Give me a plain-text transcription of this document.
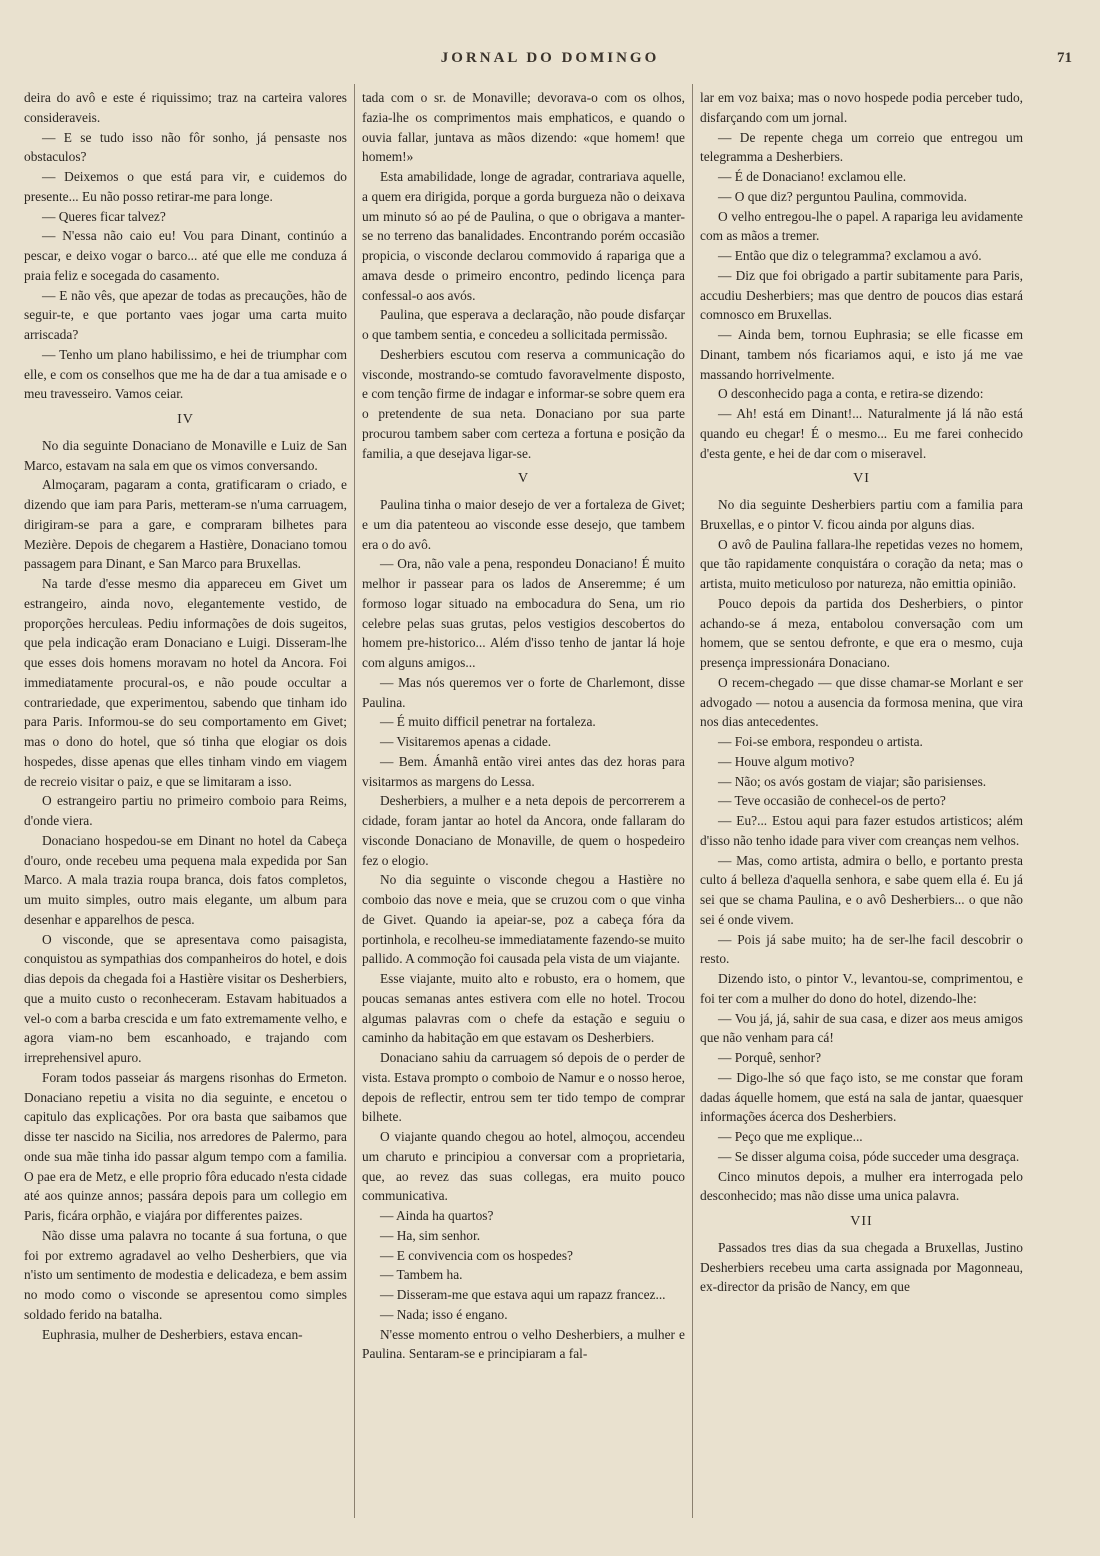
JORNAL DO DOMINGO	71

deira do avô e este é riquissimo; traz na carteira valores consideraveis.

— E se tudo isso não fôr sonho, já pensaste nos obstaculos?

— Deixemos o que está para vir, e cuidemos do presente... Eu não posso retirar-me para longe.

— Queres ficar talvez?

— N'essa não caio eu! Vou para Dinant, continúo a pescar, e deixo vogar o barco... até que elle me conduza á praia feliz e socegada do casamento.

— E não vês, que apezar de todas as precauções, hão de seguir-te, e que portanto vaes jogar uma carta muito arriscada?

— Tenho um plano habilissimo, e hei de triumphar com elle, e com os conselhos que me ha de dar a tua amisade e o meu travesseiro. Vamos ceiar.

IV

No dia seguinte Donaciano de Monaville e Luiz de San Marco, estavam na sala em que os vimos conversando.

Almoçaram, pagaram a conta, gratificaram o criado, e dizendo que iam para Paris, metteram-se n'uma carruagem, dirigiram-se para a gare, e compraram bilhetes para Mezière. Depois de chegarem a Hastière, Donaciano tomou passagem para Dinant, e San Marco para Bruxellas.

Na tarde d'esse mesmo dia appareceu em Givet um estrangeiro, ainda novo, elegantemente vestido, de proporções herculeas. Pediu informações de dois sugeitos, que pela indicação eram Donaciano e Luigi. Disseram-lhe que esses dois homens moravam no hotel da Ancora. Foi immediatamente procural-os, e não poude occultar a contrariedade, que experimentou, sabendo que tinham ido para Paris. Informou-se do seu comportamento em Givet; mas o dono do hotel, que só tinha que elogiar os dois hospedes, disse apenas que elles tinham vindo em viagem de recreio visitar o paiz, e que se limitaram a isso.

O estrangeiro partiu no primeiro comboio para Reims, d'onde viera.

Donaciano hospedou-se em Dinant no hotel da Cabeça d'ouro, onde recebeu uma pequena mala expedida por San Marco. A mala trazia roupa branca, dois fatos completos, um muito simples, outro mais elegante, um album para desenhar e apparelhos de pesca.

O visconde, que se apresentava como paisagista, conquistou as sympathias dos companheiros do hotel, e dois dias depois da chegada foi a Hastière visitar os Desherbiers, que a muito custo o reconheceram. Estavam habituados a vel-o com a barba crescida e um fato extremamente velho, e agora viam-no bem escanhoado, e trajando com irreprehensivel apuro.

Foram todos passeiar ás margens risonhas do Ermeton. Donaciano repetiu a visita no dia seguinte, e encetou o capitulo das explicações. Por ora basta que saibamos que disse ter nascido na Sicilia, nos arredores de Palermo, para onde sua mãe tinha ido passar algum tempo com a familia. O pae era de Metz, e elle proprio fôra educado n'esta cidade até aos quinze annos; passára depois para um collegio em Paris, ficára orphão, e viajára por differentes paizes.

Não disse uma palavra no tocante á sua fortuna, o que foi por extremo agradavel ao velho Desherbiers, que via n'isto um sentimento de modestia e delicadeza, e bem assim no modo como o visconde se apresentou como simples soldado ferido na batalha.

Euphrasia, mulher de Desherbiers, estava encan-

tada com o sr. de Monaville; devorava-o com os olhos, fazia-lhe os comprimentos mais emphaticos, e quando o ouvia fallar, juntava as mãos dizendo: «que homem! que homem!»

Esta amabilidade, longe de agradar, contrariava aquelle, a quem era dirigida, porque a gorda burgueza não o deixava um minuto só ao pé de Paulina, o que o obrigava a manter-se no terreno das banalidades. Encontrando porém occasião propicia, o visconde declarou commovido á rapariga que a amava desde o primeiro encontro, pedindo licença para confessal-o aos avós.

Paulina, que esperava a declaração, não poude disfarçar o que tambem sentia, e concedeu a sollicitada permissão.

Desherbiers escutou com reserva a communicação do visconde, mostrando-se comtudo favoravelmente disposto, e com tenção firme de indagar e informar-se sobre quem era o pretendente de sua neta. Donaciano por sua parte procurou tambem saber com certeza a fortuna e posição da familia, a que desejava ligar-se.

V

Paulina tinha o maior desejo de ver a fortaleza de Givet; e um dia patenteou ao visconde esse desejo, que tambem era o do avô.

— Ora, não vale a pena, respondeu Donaciano! É muito melhor ir passear para os lados de Anseremme; é um formoso logar situado na embocadura do Sena, um rio celebre pelas suas grutas, pelos vestigios descobertos do homem pre-historico... Além d'isso tenho de jantar lá hoje com alguns amigos...

— Mas nós queremos ver o forte de Charlemont, disse Paulina.

— É muito difficil penetrar na fortaleza.

— Visitaremos apenas a cidade.

— Bem. Ámanhã então virei antes das dez horas para visitarmos as margens do Lessa.

Desherbiers, a mulher e a neta depois de percorrerem a cidade, foram jantar ao hotel da Ancora, onde fallaram do visconde Donaciano de Monaville, de quem o hospedeiro fez o elogio.

No dia seguinte o visconde chegou a Hastière no comboio das nove e meia, que se cruzou com o que vinha de Givet. Quando ia apeiar-se, poz a cabeça fóra da portinhola, e recolheu-se immediatamente fazendo-se muito pallido. A commoção foi causada pela vista de um viajante.

Esse viajante, muito alto e robusto, era o homem, que poucas semanas antes estivera com elle no hotel. Trocou algumas palavras com o chefe da estação e seguiu o caminho da habitação em que estavam os Desherbiers.

Donaciano sahiu da carruagem só depois de o perder de vista. Estava prompto o comboio de Namur e o nosso heroe, depois de reflectir, entrou sem ter tido tempo de comprar bilhete.

O viajante quando chegou ao hotel, almoçou, accendeu um charuto e principiou a conversar com a proprietaria, que, ao revez das suas collegas, era muito pouco communicativa.

— Ainda ha quartos?

— Ha, sim senhor.

— E convivencia com os hospedes?

— Tambem ha.

— Disseram-me que estava aqui um rapazz francez...

— Nada; isso é engano.

N'esse momento entrou o velho Desherbiers, a mulher e Paulina. Sentaram-se e principiaram a fal-

lar em voz baixa; mas o novo hospede podia perceber tudo, disfarçando com um jornal.

— De repente chega um correio que entregou um telegramma a Desherbiers.

— É de Donaciano! exclamou elle.

— O que diz? perguntou Paulina, commovida.

O velho entregou-lhe o papel. A rapariga leu avidamente com as mãos a tremer.

— Então que diz o telegramma? exclamou a avó.

— Diz que foi obrigado a partir subitamente para Paris, accudiu Desherbiers; mas que dentro de poucos dias estará comnosco em Bruxellas.

— Ainda bem, tornou Euphrasia; se elle ficasse em Dinant, tambem nós ficariamos aqui, e isto já me vae massando horrivelmente.

O desconhecido paga a conta, e retira-se dizendo:

— Ah! está em Dinant!... Naturalmente já lá não está quando eu chegar! É o mesmo... Eu me farei conhecido d'esta gente, e hei de dar com o miseravel.

VI

No dia seguinte Desherbiers partiu com a familia para Bruxellas, e o pintor V. ficou ainda por alguns dias.

O avô de Paulina fallara-lhe repetidas vezes no homem, que tão rapidamente conquistára o coração da neta; mas o artista, muito meticuloso por natureza, não emittia opinião.

Pouco depois da partida dos Desherbiers, o pintor achando-se á meza, entabolou conversação com um homem, que se sentou defronte, e que era o mesmo, cuja presença impressionára Donaciano.

O recem-chegado — que disse chamar-se Morlant e ser advogado — notou a ausencia da formosa menina, que vira nos dias antecedentes.

— Foi-se embora, respondeu o artista.

— Houve algum motivo?

— Não; os avós gostam de viajar; são parisienses.

— Teve occasião de conhecel-os de perto?

— Eu?... Estou aqui para fazer estudos artisticos; além d'isso não tenho idade para viver com creanças nem velhos.

— Mas, como artista, admira o bello, e portanto presta culto á belleza d'aquella senhora, e sabe quem ella é. Eu já sei que se chama Paulina, e o avô Desherbiers... o que não sei é onde vivem.

— Pois já sabe muito; ha de ser-lhe facil descobrir o resto.

Dizendo isto, o pintor V., levantou-se, comprimentou, e foi ter com a mulher do dono do hotel, dizendo-lhe:

— Vou já, já, sahir de sua casa, e dizer aos meus amigos que não venham para cá!

— Porquê, senhor?

— Digo-lhe só que faço isto, se me constar que foram dadas áquelle homem, que está na sala de jantar, quaesquer informações ácerca dos Desherbiers.

— Peço que me explique...

— Se disser alguma coisa, póde succeder uma desgraça.

Cinco minutos depois, a mulher era interrogada pelo desconhecido; mas não disse uma unica palavra.

VII

Passados tres dias da sua chegada a Bruxellas, Justino Desherbiers recebeu uma carta assignada por Magonneau, ex-director da prisão de Nancy, em que
